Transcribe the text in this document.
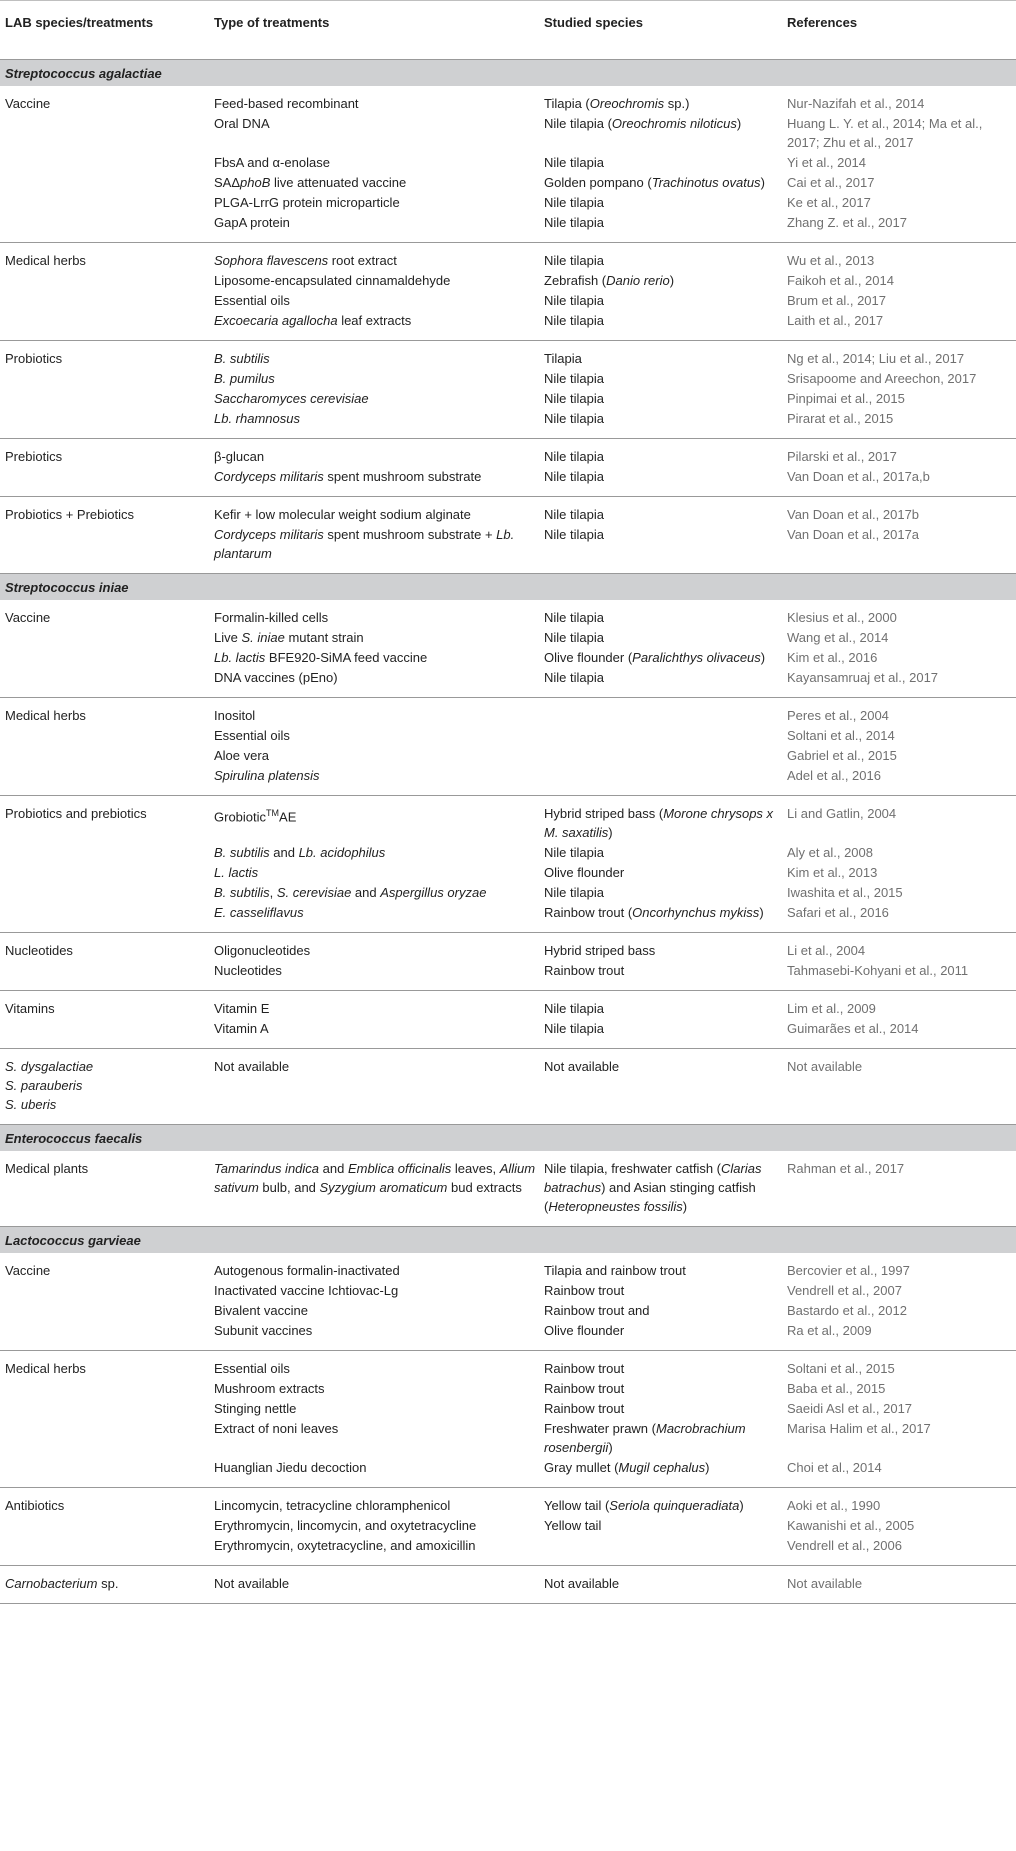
LAB species/treatments	Type of treatments	Studied species	References
Streptococcus agalactiae			

Vaccine	Feed-based recombinant	Tilapia (Oreochromis sp.)	Nur-Nazifah et al., 2014
	Oral DNA	Nile tilapia (Oreochromis niloticus)	Huang L. Y. et al., 2014; Ma et al., 2017; Zhu et al., 2017
	FbsA and α-enolase	Nile tilapia	Yi et al., 2014
	SAΔphoB live attenuated vaccine	Golden pompano (Trachinotus ovatus)	Cai et al., 2017
	PLGA-LrrG protein microparticle	Nile tilapia	Ke et al., 2017
	GapA protein	Nile tilapia	Zhang Z. et al., 2017

Medical herbs	Sophora flavescens root extract	Nile tilapia	Wu et al., 2013
	Liposome-encapsulated cinnamaldehyde	Zebrafish (Danio rerio)	Faikoh et al., 2014
	Essential oils	Nile tilapia	Brum et al., 2017
	Excoecaria agallocha leaf extracts	Nile tilapia	Laith et al., 2017

Probiotics	B. subtilis	Tilapia	Ng et al., 2014; Liu et al., 2017
	B. pumilus	Nile tilapia	Srisapoome and Areechon, 2017
	Saccharomyces cerevisiae	Nile tilapia	Pinpimai et al., 2015
	Lb. rhamnosus	Nile tilapia	Pirarat et al., 2015

Prebiotics	β-glucan	Nile tilapia	Pilarski et al., 2017
	Cordyceps militaris spent mushroom substrate	Nile tilapia	Van Doan et al., 2017a,b

Probiotics + Prebiotics	Kefir + low molecular weight sodium alginate	Nile tilapia	Van Doan et al., 2017b
	Cordyceps militaris spent mushroom substrate + Lb. plantarum	Nile tilapia	Van Doan et al., 2017a

Streptococcus iniae			

Vaccine	Formalin-killed cells	Nile tilapia	Klesius et al., 2000
	Live S. iniae mutant strain	Nile tilapia	Wang et al., 2014
	Lb. lactis BFE920-SiMA feed vaccine	Olive flounder (Paralichthys olivaceus)	Kim et al., 2016
	DNA vaccines (pEno)	Nile tilapia	Kayansamruaj et al., 2017

Medical herbs	Inositol		Peres et al., 2004
	Essential oils		Soltani et al., 2014
	Aloe vera		Gabriel et al., 2015
	Spirulina platensis		Adel et al., 2016

Probiotics and prebiotics	Grobiotic™AE	Hybrid striped bass (Morone chrysops x M. saxatilis)	Li and Gatlin, 2004
	B. subtilis and Lb. acidophilus	Nile tilapia	Aly et al., 2008
	L. lactis	Olive flounder	Kim et al., 2013
	B. subtilis, S. cerevisiae and Aspergillus oryzae	Nile tilapia	Iwashita et al., 2015
	E. casseliflavus	Rainbow trout (Oncorhynchus mykiss)	Safari et al., 2016

Nucleotides	Oligonucleotides	Hybrid striped bass	Li et al., 2004
	Nucleotides	Rainbow trout	Tahmasebi-Kohyani et al., 2011

Vitamins	Vitamin E	Nile tilapia	Lim et al., 2009
	Vitamin A	Nile tilapia	Guimarães et al., 2014

S. dysgalactiae
S. parauberis
S. uberis	Not available	Not available	Not available

Enterococcus faecalis			

Medical plants	Tamarindus indica and Emblica officinalis leaves, Allium sativum bulb, and Syzygium aromaticum bud extracts	Nile tilapia, freshwater catfish (Clarias batrachus) and Asian stinging catfish (Heteropneustes fossilis)	Rahman et al., 2017

Lactococcus garvieae			

Vaccine	Autogenous formalin-inactivated	Tilapia and rainbow trout	Bercovier et al., 1997
	Inactivated vaccine Ichtiovac-Lg	Rainbow trout	Vendrell et al., 2007
	Bivalent vaccine	Rainbow trout and	Bastardo et al., 2012
	Subunit vaccines	Olive flounder	Ra et al., 2009

Medical herbs	Essential oils	Rainbow trout	Soltani et al., 2015
	Mushroom extracts	Rainbow trout	Baba et al., 2015
	Stinging nettle	Rainbow trout	Saeidi Asl et al., 2017
	Extract of noni leaves	Freshwater prawn (Macrobrachium rosenbergii)	Marisa Halim et al., 2017
	Huanglian Jiedu decoction	Gray mullet (Mugil cephalus)	Choi et al., 2014

Antibiotics	Lincomycin, tetracycline chloramphenicol	Yellow tail (Seriola quinqueradiata)	Aoki et al., 1990
	Erythromycin, lincomycin, and oxytetracycline	Yellow tail	Kawanishi et al., 2005
	Erythromycin, oxytetracycline, and amoxicillin		Vendrell et al., 2006

Carnobacterium sp.	Not available	Not available	Not available
